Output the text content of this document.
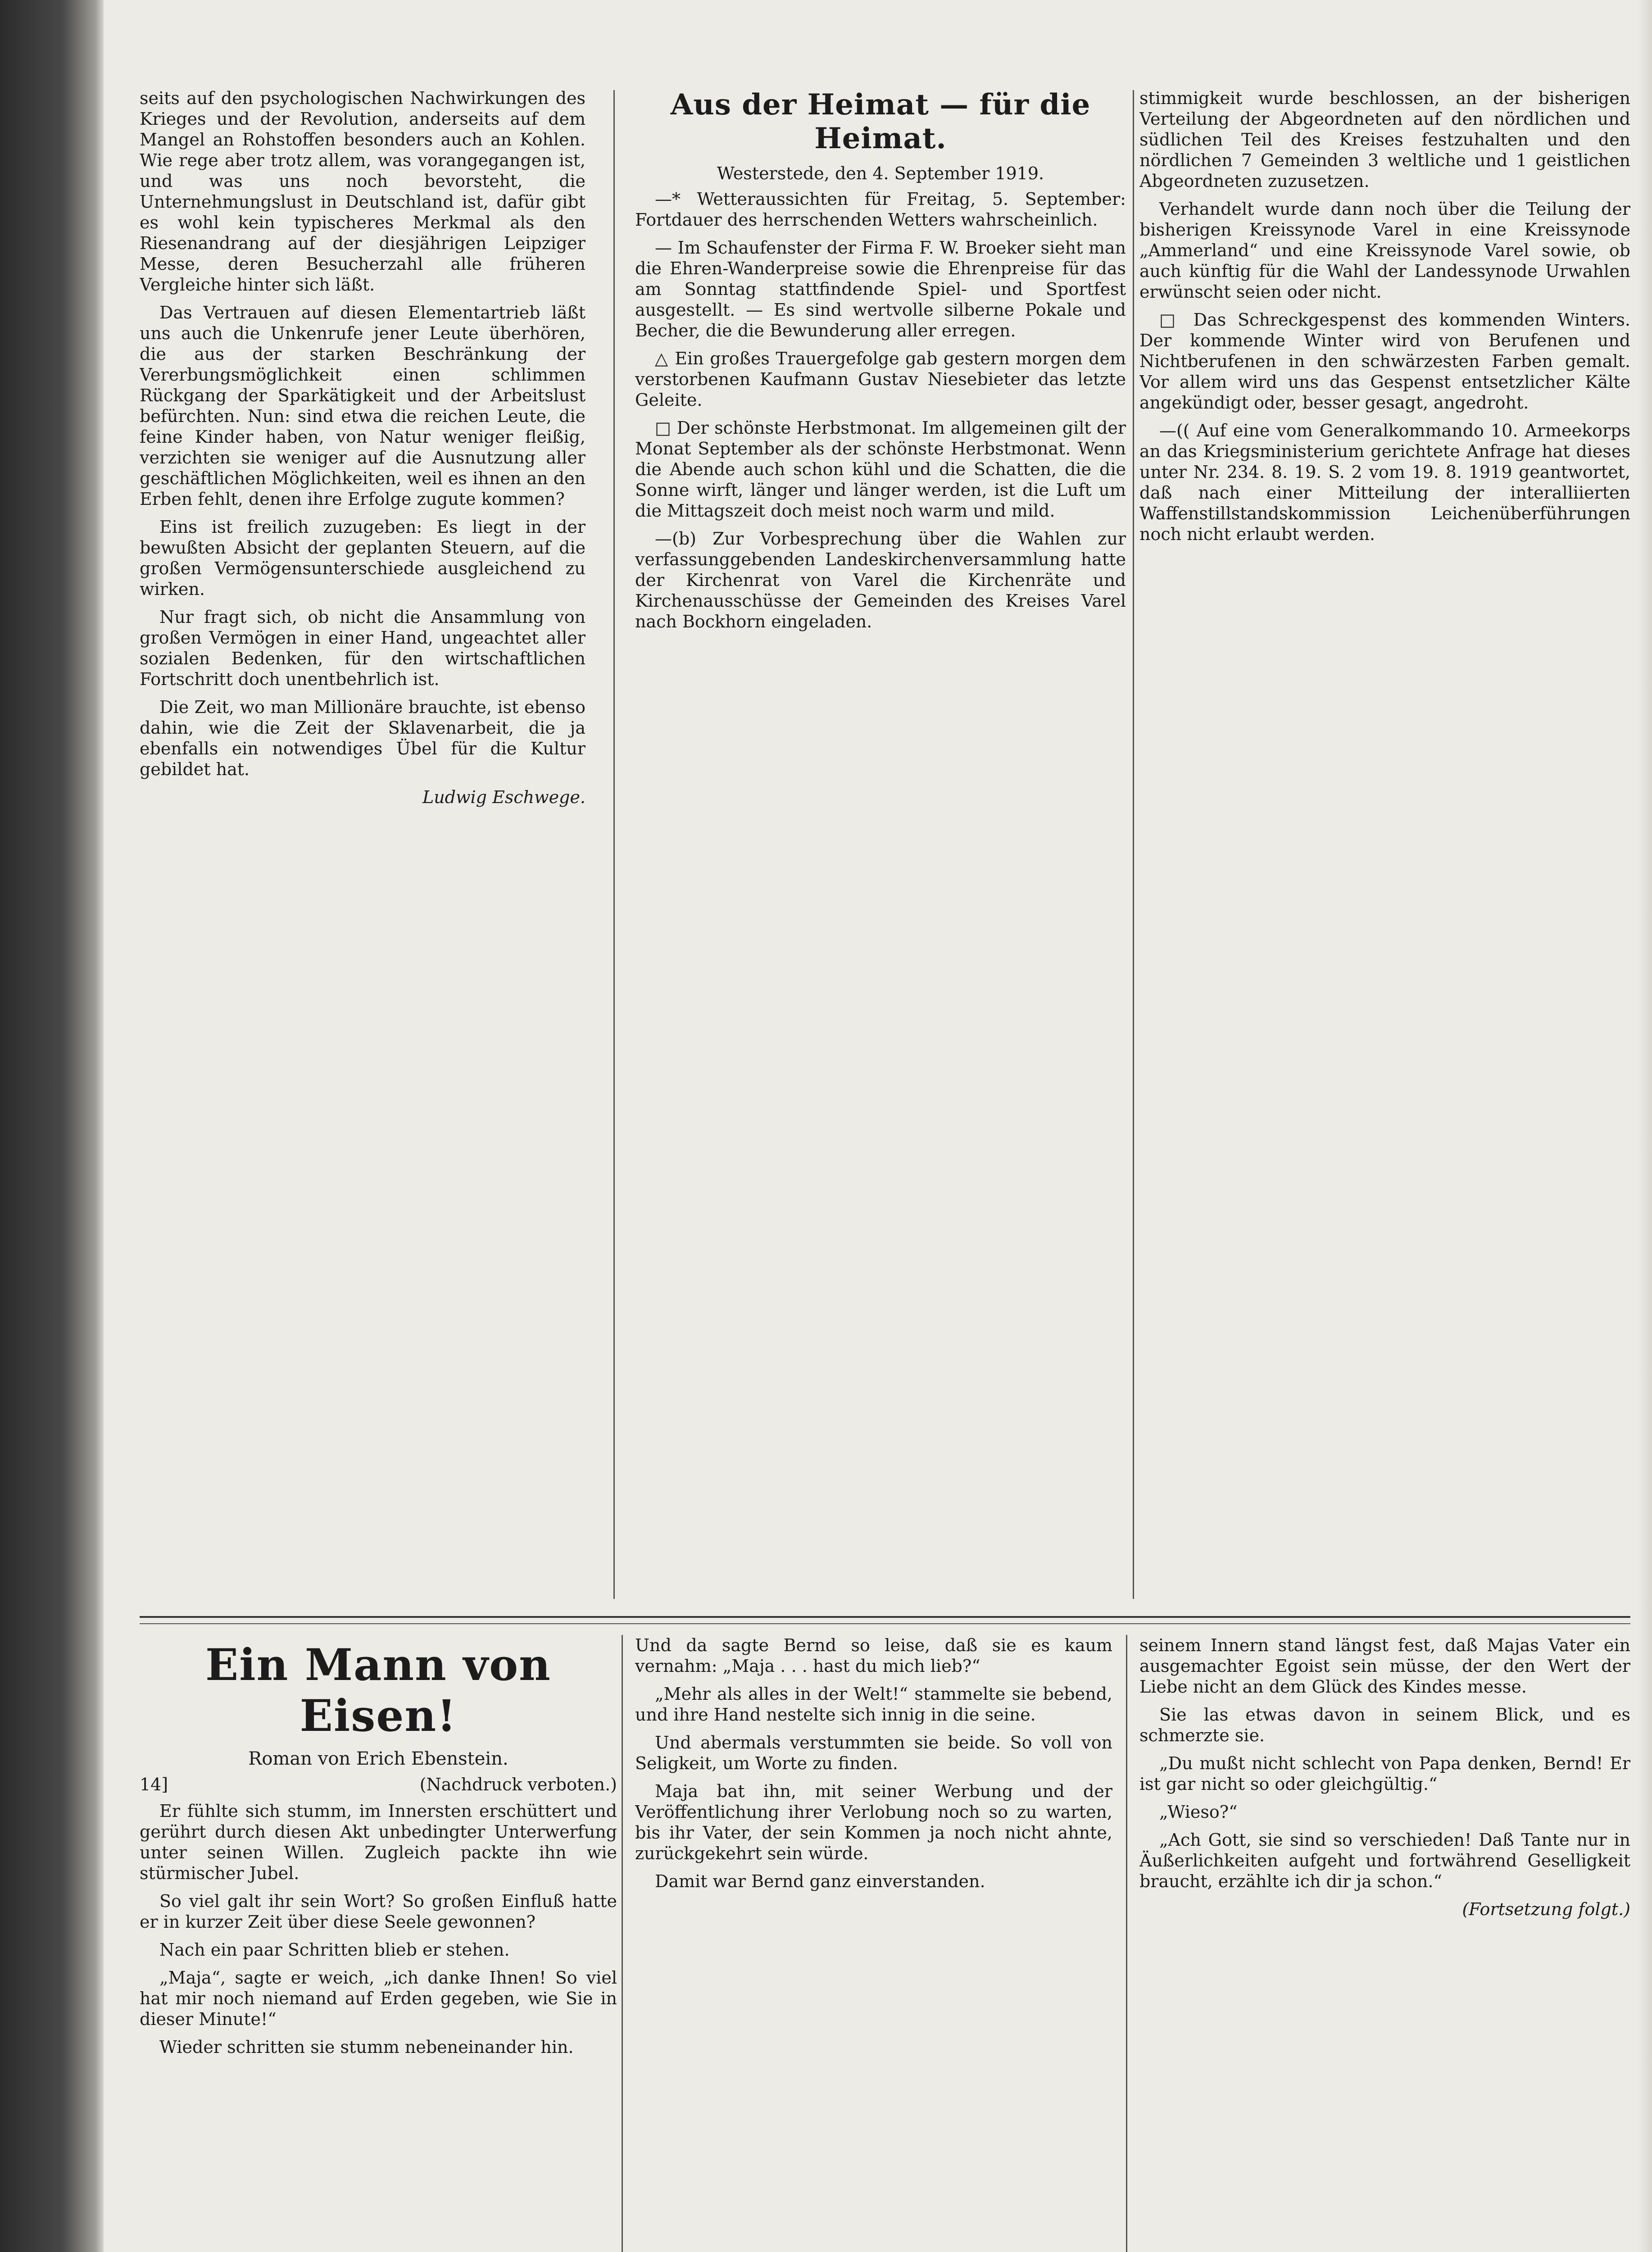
seits auf den psychologischen Nachwirkungen des Krieges und der Revolution, anderseits auf dem Mangel an Rohstoffen besonders auch an Kohlen. Wie rege aber trotz allem, was vorangegangen ist, und was uns noch bevorsteht, die Unternehmungslust in Deutschland ist, dafür gibt es wohl kein typischeres Merkmal als den Riesenandrang auf der diesjährigen Leipziger Messe, deren Besucherzahl alle früheren Vergleiche hinter sich läßt.

Das Vertrauen auf diesen Elementartrieb läßt uns auch die Unkenrufe jener Leute überhören, die aus der starken Beschränkung der Vererbungsmöglichkeit einen schlimmen Rückgang der Sparkätigkeit und der Arbeitslust befürchten. Nun: sind etwa die reichen Leute, die feine Kinder haben, von Natur weniger fleißig, verzichten sie weniger auf die Ausnutzung aller geschäftlichen Möglichkeiten, weil es ihnen an den Erben fehlt, denen ihre Erfolge zugute kommen?

Eins ist freilich zuzugeben: Es liegt in der bewußten Absicht der geplanten Steuern, auf die großen Vermögensunterschiede ausgleichend zu wirken.

Nur fragt sich, ob nicht die Ansammlung von großen Vermögen in einer Hand, ungeachtet aller sozialen Bedenken, für den wirtschaftlichen Fortschritt doch unentbehrlich ist.

Die Zeit, wo man Millionäre brauchte, ist ebenso dahin, wie die Zeit der Sklavenarbeit, die ja ebenfalls ein notwendiges Übel für die Kultur gebildet hat.

Ludwig Eschwege.

Aus der Heimat — für die Heimat.
Westerstede, den 4. September 1919.

—* Wetteraussichten für Freitag, 5. September: Fortdauer des herrschenden Wetters wahrscheinlich.

— Im Schaufenster der Firma F. W. Broeker sieht man die Ehren-Wanderpreise sowie die Ehrenpreise für das am Sonntag stattfindende Spiel- und Sportfest ausgestellt. — Es sind wertvolle silberne Pokale und Becher, die die Bewunderung aller erregen.

△ Ein großes Trauergefolge gab gestern morgen dem verstorbenen Kaufmann Gustav Niesebieter das letzte Geleite.

□ Der schönste Herbstmonat. Im allgemeinen gilt der Monat September als der schönste Herbstmonat. Wenn die Abende auch schon kühl und die Schatten, die die Sonne wirft, länger und länger werden, ist die Luft um die Mittagszeit doch meist noch warm und mild.

—(b) Zur Vorbesprechung über die Wahlen zur verfassunggebenden Landeskirchenversammlung hatte der Kirchenrat von Varel die Kirchenräte und Kirchenausschüsse der Gemeinden des Kreises Varel nach Bockhorn eingeladen.

stimmigkeit wurde beschlossen, an der bisherigen Verteilung der Abgeordneten auf den nördlichen und südlichen Teil des Kreises festzuhalten und den nördlichen 7 Gemeinden 3 weltliche und 1 geistlichen Abgeordneten zuzusetzen.

Verhandelt wurde dann noch über die Teilung der bisherigen Kreissynode Varel in eine Kreissynode „Ammerland“ und eine Kreissynode Varel sowie, ob auch künftig für die Wahl der Landessynode Urwahlen erwünscht seien oder nicht.

□ Das Schreckgespenst des kommenden Winters. Der kommende Winter wird von Berufenen und Nichtberufenen in den schwärzesten Farben gemalt. Vor allem wird uns das Gespenst entsetzlicher Kälte angekündigt oder, besser gesagt, angedroht.

—(( Auf eine vom Generalkommando 10. Armeekorps an das Kriegsministerium gerichtete Anfrage hat dieses unter Nr. 234. 8. 19. S. 2 vom 19. 8. 1919 geantwortet, daß nach einer Mitteilung der interalliierten Waffenstillstandskommission Leichenüberführungen noch nicht erlaubt werden.

Ein Mann von Eisen!
Roman von Erich Ebenstein.
14]	(Nachdruck verboten.)

Er fühlte sich stumm, im Innersten erschüttert und gerührt durch diesen Akt unbedingter Unterwerfung unter seinen Willen. Zugleich packte ihn wie stürmischer Jubel.

So viel galt ihr sein Wort? So großen Einfluß hatte er in kurzer Zeit über diese Seele gewonnen?

Nach ein paar Schritten blieb er stehen.

„Maja“, sagte er weich, „ich danke Ihnen! So viel hat mir noch niemand auf Erden gegeben, wie Sie in dieser Minute!“

Wieder schritten sie stumm nebeneinander hin.

Und da sagte Bernd so leise, daß sie es kaum vernahm: „Maja . . . hast du mich lieb?“

„Mehr als alles in der Welt!“ stammelte sie bebend, und ihre Hand nestelte sich innig in die seine.

Und abermals verstummten sie beide. So voll von Seligkeit, um Worte zu finden.

Maja bat ihn, mit seiner Werbung und der Veröffentlichung ihrer Verlobung noch so zu warten, bis ihr Vater, der sein Kommen ja noch nicht ahnte, zurückgekehrt sein würde.

Damit war Bernd ganz einverstanden.

seinem Innern stand längst fest, daß Majas Vater ein ausgemachter Egoist sein müsse, der den Wert der Liebe nicht an dem Glück des Kindes messe.

Sie las etwas davon in seinem Blick, und es schmerzte sie.

„Du mußt nicht schlecht von Papa denken, Bernd! Er ist gar nicht so oder gleichgültig.“

„Wieso?“

„Ach Gott, sie sind so verschieden! Daß Tante nur in Äußerlichkeiten aufgeht und fortwährend Geselligkeit braucht, erzählte ich dir ja schon.“

(Fortsetzung folgt.)
